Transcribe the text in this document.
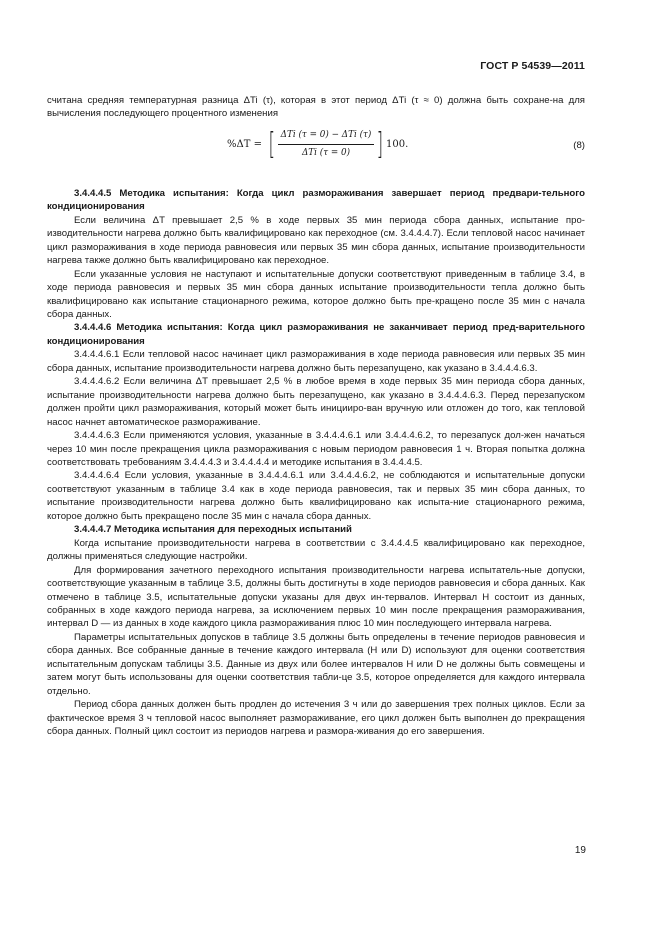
ГОСТ Р 54539—2011

считана средняя температурная разница ΔTi (τ), которая в этот период ΔTi (τ ≈ 0) должна быть сохране-на для вычисления последующего процентного изменения

%ΔT = [ $\frac{\text{ΔTi (τ = 0) − ΔTi (τ)}}{\text{ΔTi (τ = 0)}}$ ] 100.	(8)

3.4.4.4.5 Методика испытания: Когда цикл размораживания завершает период предвари-тельного кондиционирования

Если величина ΔT превышает 2,5 % в ходе первых 35 мин периода сбора данных, испытание про-изводительности нагрева должно быть квалифицировано как переходное (см. 3.4.4.4.7). Если тепловой насос начинает цикл размораживания в ходе периода равновесия или первых 35 мин сбора данных, испытание производительности нагрева также должно быть квалифицировано как переходное.

Если указанные условия не наступают и испытательные допуски соответствуют приведенным в таблице 3.4, в ходе периода равновесия и первых 35 мин сбора данных испытание производительности тепла должно быть квалифицировано как испытание стационарного режима, которое должно быть пре-кращено после 35 мин с начала сбора данных.

3.4.4.4.6 Методика испытания: Когда цикл размораживания не заканчивает период пред-варительного кондиционирования

3.4.4.4.6.1 Если тепловой насос начинает цикл размораживания в ходе периода равновесия или первых 35 мин сбора данных, испытание производительности нагрева должно быть перезапущено, как указано в 3.4.4.4.6.3.

3.4.4.4.6.2 Если величина ΔT превышает 2,5 % в любое время в ходе первых 35 мин периода сбора данных, испытание производительности нагрева должно быть перезапущено, как указано в 3.4.4.4.6.3. Перед перезапуском должен пройти цикл размораживания, который может быть иницииро-ван вручную или отложен до того, как тепловой насос начнет автоматическое размораживание.

3.4.4.4.6.3 Если применяются условия, указанные в 3.4.4.4.6.1 или 3.4.4.4.6.2, то перезапуск дол-жен начаться через 10 мин после прекращения цикла размораживания с новым периодом равновесия 1 ч. Вторая попытка должна соответствовать требованиям 3.4.4.4.3 и 3.4.4.4.4 и методике испытания в 3.4.4.4.5.

3.4.4.4.6.4 Если условия, указанные в 3.4.4.4.6.1 или 3.4.4.4.6.2, не соблюдаются и испытательные допуски соответствуют указанным в таблице 3.4 как в ходе периода равновесия, так и первых 35 мин сбора данных, то испытание производительности нагрева должно быть квалифицировано как испыта-ние стационарного режима, которое должно быть прекращено после 35 мин с начала сбора данных.

3.4.4.4.7 Методика испытания для переходных испытаний

Когда испытание производительности нагрева в соответствии с 3.4.4.4.5 квалифицировано как переходное, должны применяться следующие настройки.

Для формирования зачетного переходного испытания производительности нагрева испытатель-ные допуски, соответствующие указанным в таблице 3.5, должны быть достигнуты в ходе периодов равновесия и сбора данных. Как отмечено в таблице 3.5, испытательные допуски указаны для двух ин-тервалов. Интервал H состоит из данных, собранных в ходе каждого периода нагрева, за исключением первых 10 мин после прекращения размораживания, интервал D — из данных в ходе каждого цикла размораживания плюс 10 мин последующего интервала нагрева.

Параметры испытательных допусков в таблице 3.5 должны быть определены в течение периодов равновесия и сбора данных. Все собранные данные в течение каждого интервала (H или D) используют для оценки соответствия испытательным допускам таблицы 3.5. Данные из двух или более интервалов H или D не должны быть совмещены и затем могут быть использованы для оценки соответствия табли-це 3.5, которое определяется для каждого интервала отдельно.

Период сбора данных должен быть продлен до истечения 3 ч или до завершения трех полных циклов. Если за фактическое время 3 ч тепловой насос выполняет размораживание, его цикл должен быть выполнен до прекращения сбора данных. Полный цикл состоит из периодов нагрева и размора-живания до его завершения.

19
